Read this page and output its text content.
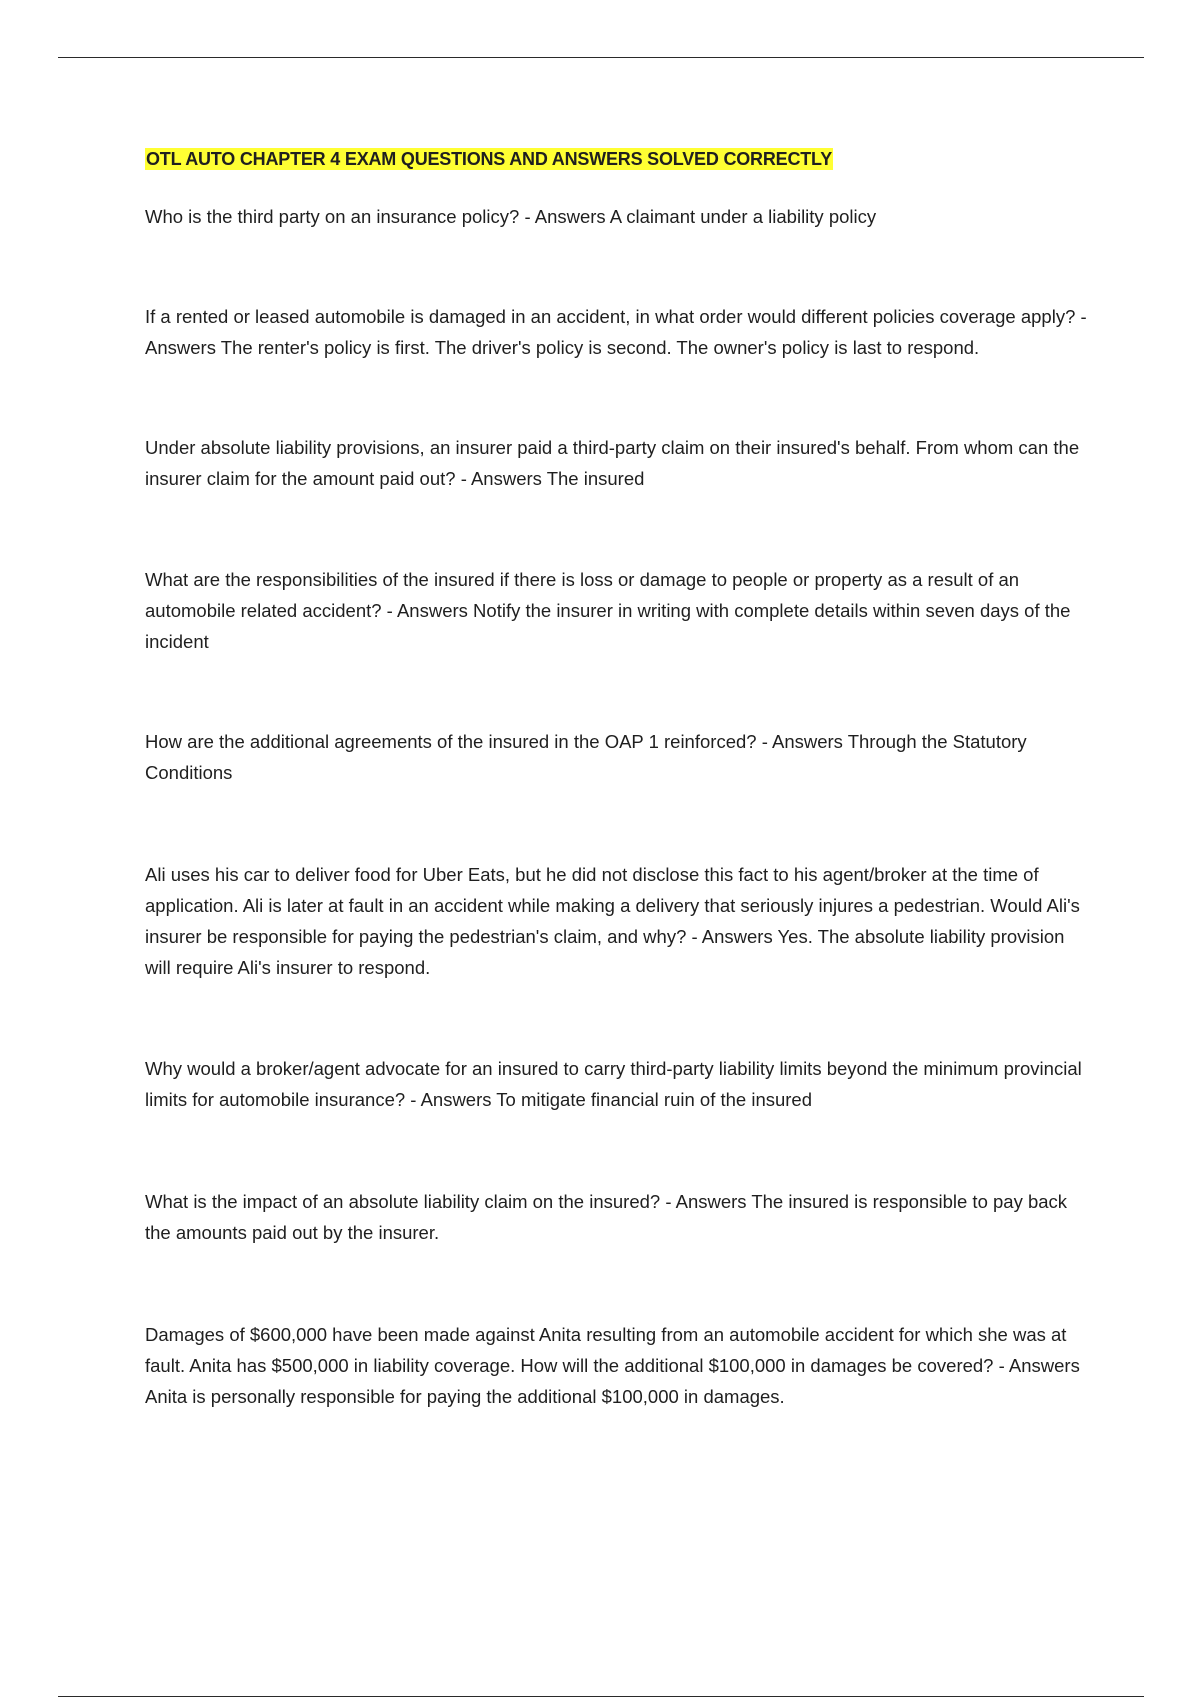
OTL AUTO CHAPTER 4 EXAM QUESTIONS AND ANSWERS SOLVED CORRECTLY

Who is the third party on an insurance policy? - Answers A claimant under a liability policy

If a rented or leased automobile is damaged in an accident, in what order would different policies coverage apply? - Answers The renter's policy is first. The driver's policy is second. The owner's policy is last to respond.

Under absolute liability provisions, an insurer paid a third-party claim on their insured's behalf. From whom can the insurer claim for the amount paid out? - Answers The insured

What are the responsibilities of the insured if there is loss or damage to people or property as a result of an automobile related accident? - Answers Notify the insurer in writing with complete details within seven days of the incident

How are the additional agreements of the insured in the OAP 1 reinforced? - Answers Through the Statutory Conditions

Ali uses his car to deliver food for Uber Eats, but he did not disclose this fact to his agent/broker at the time of application. Ali is later at fault in an accident while making a delivery that seriously injures a pedestrian. Would Ali's insurer be responsible for paying the pedestrian's claim, and why? - Answers Yes. The absolute liability provision will require Ali's insurer to respond.

Why would a broker/agent advocate for an insured to carry third-party liability limits beyond the minimum provincial limits for automobile insurance? - Answers To mitigate financial ruin of the insured

What is the impact of an absolute liability claim on the insured? - Answers The insured is responsible to pay back the amounts paid out by the insurer.

Damages of $600,000 have been made against Anita resulting from an automobile accident for which she was at fault. Anita has $500,000 in liability coverage. How will the additional $100,000 in damages be covered? - Answers Anita is personally responsible for paying the additional $100,000 in damages.
